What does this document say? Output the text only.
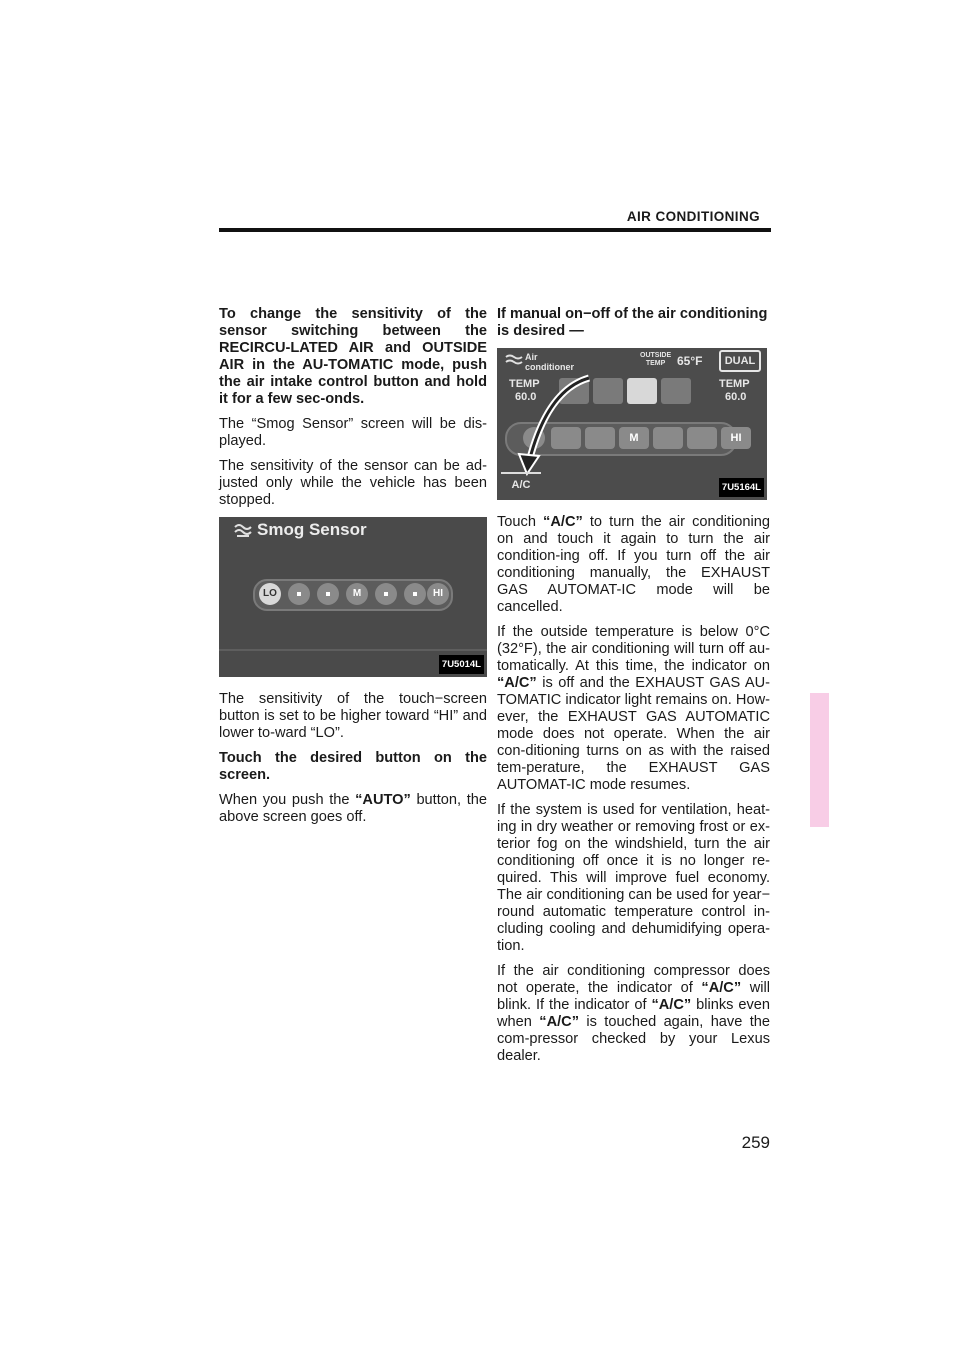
AIR CONDITIONING
259

To change the sensitivity of the sensor switching between the RECIRCU-LATED AIR and OUTSIDE AIR in the AU-TOMATIC mode, push the air intake control button and hold it for a few sec-onds.

The “Smog Sensor” screen will be dis-played.

The sensitivity of the sensor can be ad-justed only while the vehicle has been stopped.

Smog Sensor
LO	M	HI
7U5014L

The sensitivity of the touch−screen button is set to be higher toward “HI” and lower to-ward “LO”.

Touch the desired button on the screen.

When you push the “AUTO” button, the above screen goes off.

If manual on−off of the air conditioning is desired —

Air
conditioner
OUTSIDE
TEMP 65°F	DUAL
TEMP
60.0
TEMP
60.0
M	HI
A/C	7U5164L

Touch “A/C” to turn the air conditioning on and touch it again to turn the air condition-ing off. If you turn off the air conditioning manually, the EXHAUST GAS AUTOMAT-IC mode will be cancelled.

If the outside temperature is below 0°C (32°F), the air conditioning will turn off au-tomatically. At this time, the indicator on “A/C” is off and the EXHAUST GAS AU-TOMATIC indicator light remains on. How-ever, the EXHAUST GAS AUTOMATIC mode does not operate. When the air con-ditioning turns on as with the raised tem-perature, the EXHAUST GAS AUTOMAT-IC mode resumes.

If the system is used for ventilation, heat-ing in dry weather or removing frost or ex-terior fog on the windshield, turn the air conditioning off once it is no longer re-quired. This will improve fuel economy. The air conditioning can be used for year− round automatic temperature control in-cluding cooling and dehumidifying opera-tion.

If the air conditioning compressor does not operate, the indicator of “A/C” will blink. If the indicator of “A/C” blinks even when “A/C” is touched again, have the com-pressor checked by your Lexus dealer.
